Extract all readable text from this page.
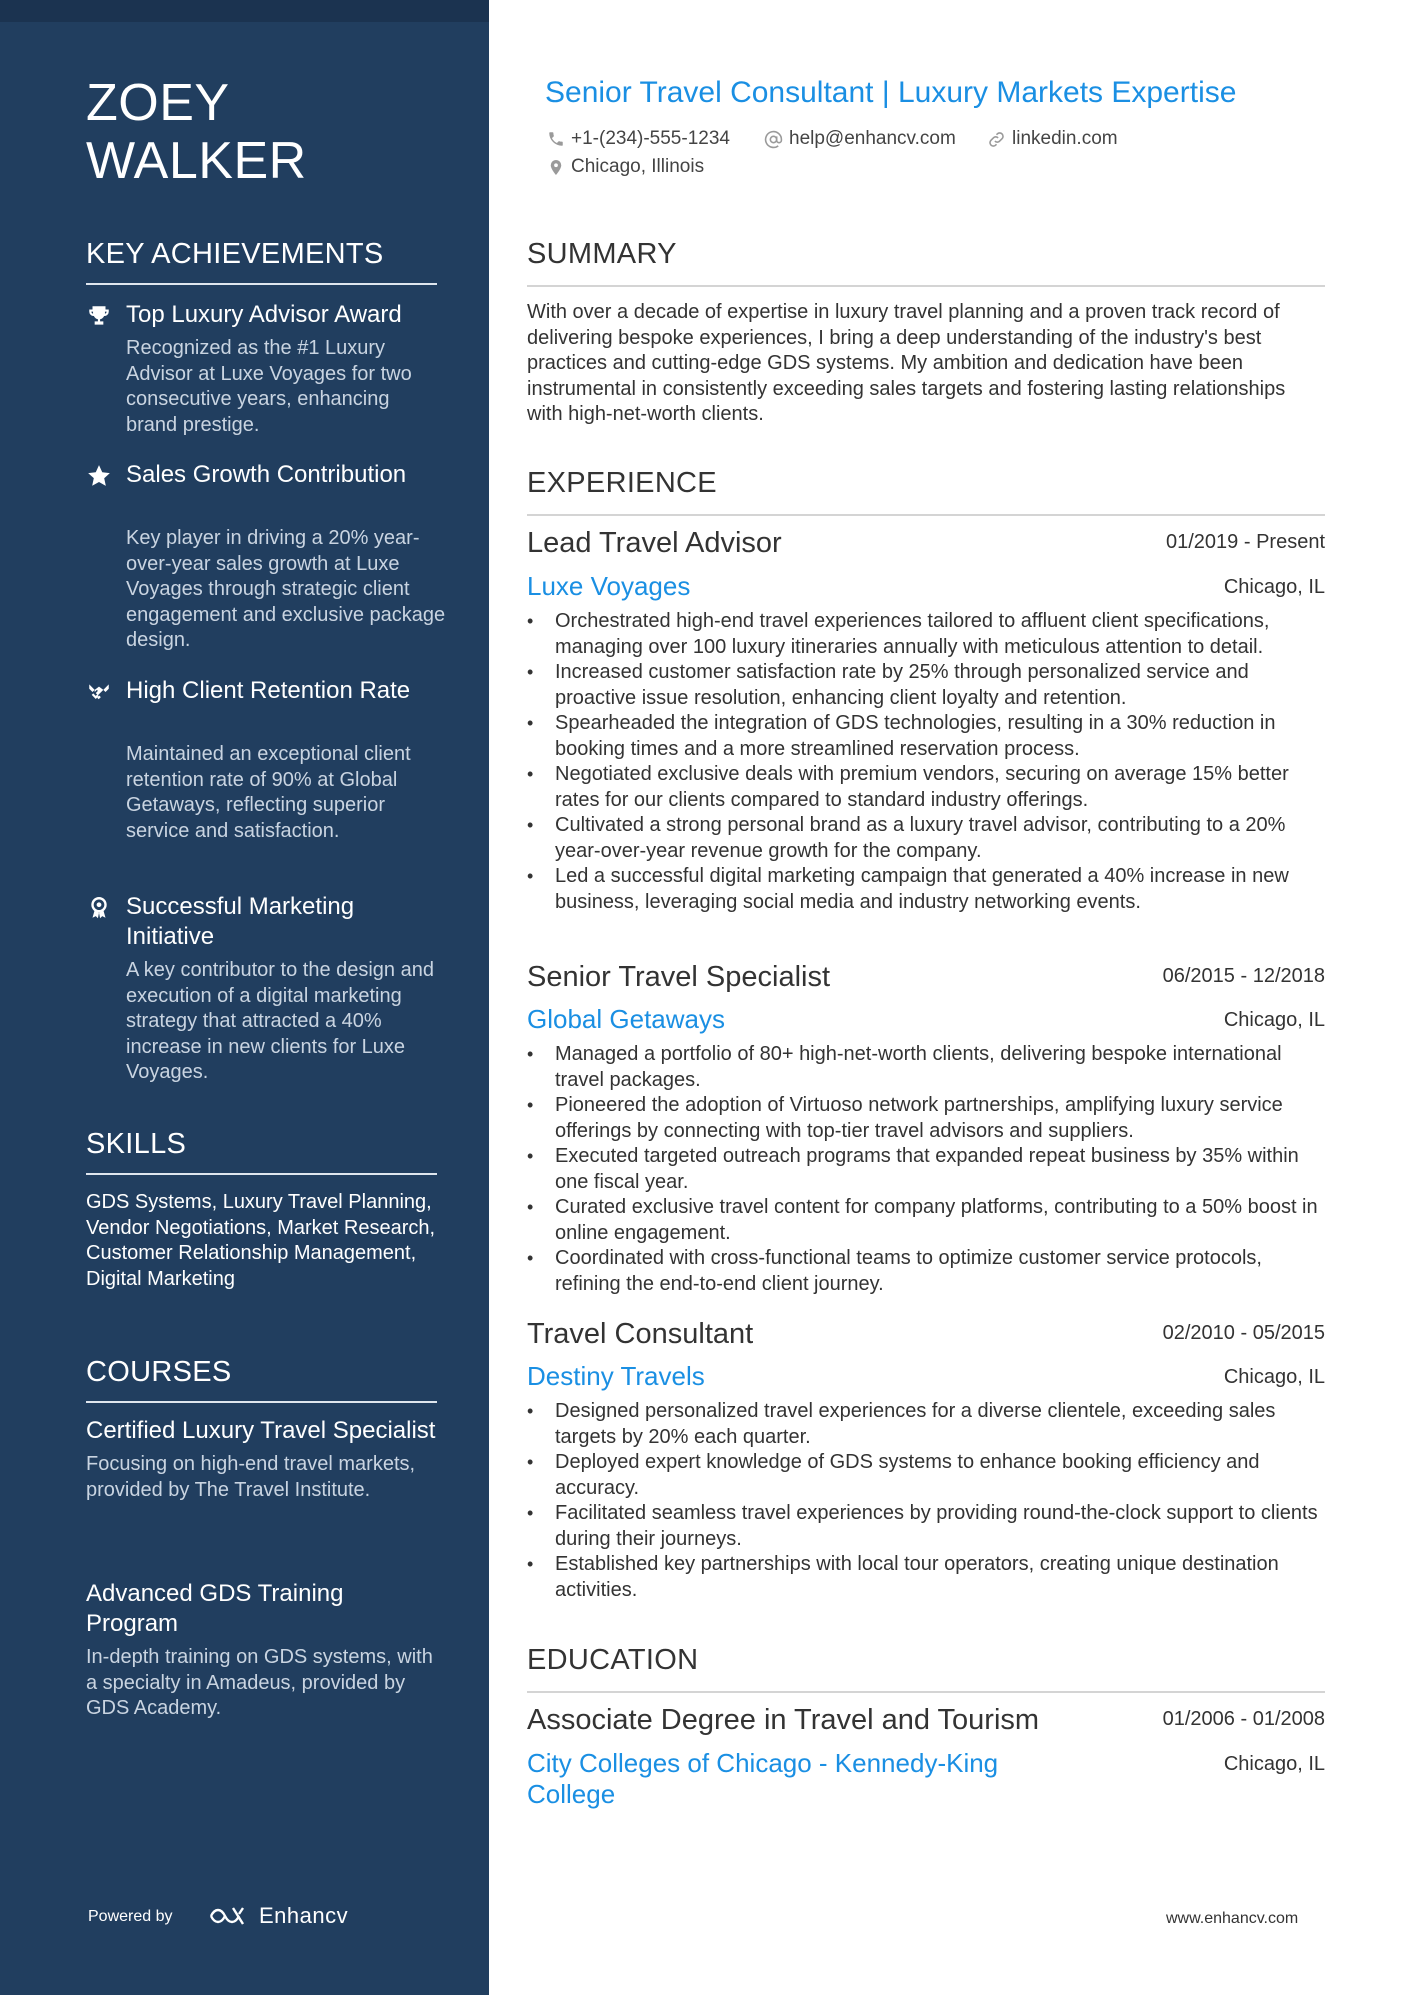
ZOEY
WALKER
KEY ACHIEVEMENTS
Top Luxury Advisor Award
Recognized as the #1 Luxury Advisor at Luxe Voyages for two consecutive years, enhancing brand prestige.
Sales Growth Contribution
Key player in driving a 20% year-over-year sales growth at Luxe Voyages through strategic client engagement and exclusive package design.
High Client Retention Rate
Maintained an exceptional client retention rate of 90% at Global Getaways, reflecting superior service and satisfaction.
Successful Marketing Initiative
A key contributor to the design and execution of a digital marketing strategy that attracted a 40% increase in new clients for Luxe Voyages.
SKILLS
GDS Systems, Luxury Travel Planning, Vendor Negotiations, Market Research, Customer Relationship Management, Digital Marketing
COURSES
Certified Luxury Travel Specialist
Focusing on high-end travel markets, provided by The Travel Institute.
Advanced GDS Training Program
In-depth training on GDS systems, with a specialty in Amadeus, provided by GDS Academy.
Powered by	Enhancv
Senior Travel Consultant | Luxury Markets Expertise
+1-(234)-555-1234	help@enhancv.com	linkedin.com
Chicago, Illinois
SUMMARY
With over a decade of expertise in luxury travel planning and a proven track record of delivering bespoke experiences, I bring a deep understanding of the industry's best practices and cutting-edge GDS systems. My ambition and dedication have been instrumental in consistently exceeding sales targets and fostering lasting relationships with high-net-worth clients.
EXPERIENCE
Lead Travel Advisor	01/2019 - Present
Luxe Voyages	Chicago, IL
• Orchestrated high-end travel experiences tailored to affluent client specifications, managing over 100 luxury itineraries annually with meticulous attention to detail.
• Increased customer satisfaction rate by 25% through personalized service and proactive issue resolution, enhancing client loyalty and retention.
• Spearheaded the integration of GDS technologies, resulting in a 30% reduction in booking times and a more streamlined reservation process.
• Negotiated exclusive deals with premium vendors, securing on average 15% better rates for our clients compared to standard industry offerings.
• Cultivated a strong personal brand as a luxury travel advisor, contributing to a 20% year-over-year revenue growth for the company.
• Led a successful digital marketing campaign that generated a 40% increase in new business, leveraging social media and industry networking events.
Senior Travel Specialist	06/2015 - 12/2018
Global Getaways	Chicago, IL
• Managed a portfolio of 80+ high-net-worth clients, delivering bespoke international travel packages.
• Pioneered the adoption of Virtuoso network partnerships, amplifying luxury service offerings by connecting with top-tier travel advisors and suppliers.
• Executed targeted outreach programs that expanded repeat business by 35% within one fiscal year.
• Curated exclusive travel content for company platforms, contributing to a 50% boost in online engagement.
• Coordinated with cross-functional teams to optimize customer service protocols, refining the end-to-end client journey.
Travel Consultant	02/2010 - 05/2015
Destiny Travels	Chicago, IL
• Designed personalized travel experiences for a diverse clientele, exceeding sales targets by 20% each quarter.
• Deployed expert knowledge of GDS systems to enhance booking efficiency and accuracy.
• Facilitated seamless travel experiences by providing round-the-clock support to clients during their journeys.
• Established key partnerships with local tour operators, creating unique destination activities.
EDUCATION
Associate Degree in Travel and Tourism	01/2006 - 01/2008
City Colleges of Chicago - Kennedy-King College
Chicago, IL
www.enhancv.com
